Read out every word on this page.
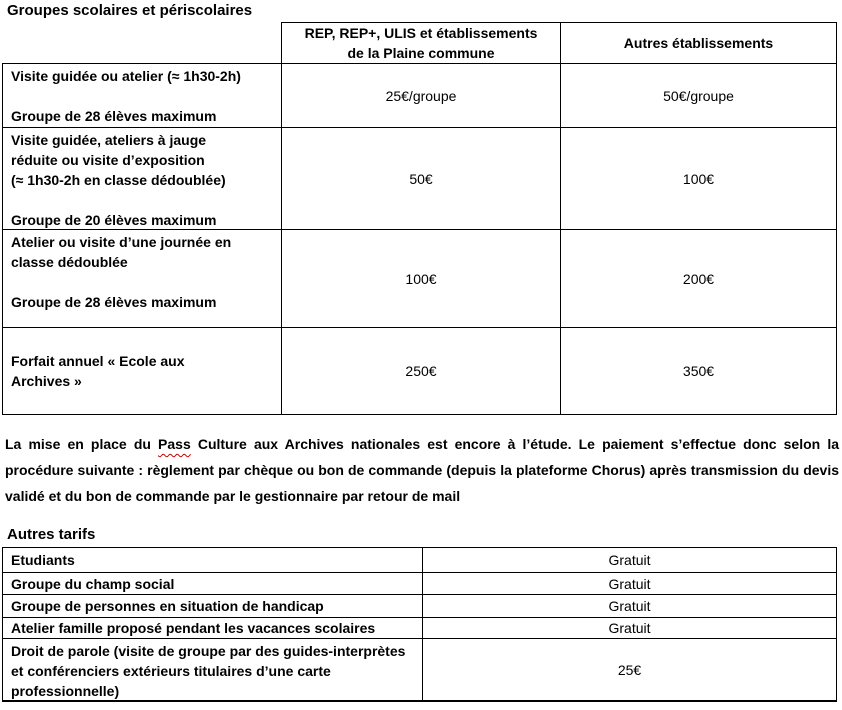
Groupes scolaires et périscolaires
REP, REP+, ULIS et établissements
de la Plaine commune
Autres établissements
Visite guidée ou atelier (≈ 1h30-2h)

Groupe de 28 élèves maximum
25€/groupe	50€/groupe
Visite guidée, ateliers à jauge
réduite ou visite d’exposition
(≈ 1h30-2h en classe dédoublée)

Groupe de 20 élèves maximum
50€	100€
Atelier ou visite d’une journée en
classe dédoublée

Groupe de 28 élèves maximum
100€	200€
Forfait annuel « Ecole aux
Archives »
250€	350€
La mise en place du Pass Culture aux Archives nationales est encore à l’étude. Le paiement s’effectue donc selon la procédure suivante : règlement par chèque ou bon de commande (depuis la plateforme Chorus) après transmission du devis validé et du bon de commande par le gestionnaire par retour de mail
Autres tarifs
Etudiants	Gratuit
Groupe du champ social	Gratuit
Groupe de personnes en situation de handicap	Gratuit
Atelier famille proposé pendant les vacances scolaires	Gratuit
Droit de parole (visite de groupe par des guides-interprètes et conférenciers extérieurs titulaires d’une carte professionnelle)
25€
